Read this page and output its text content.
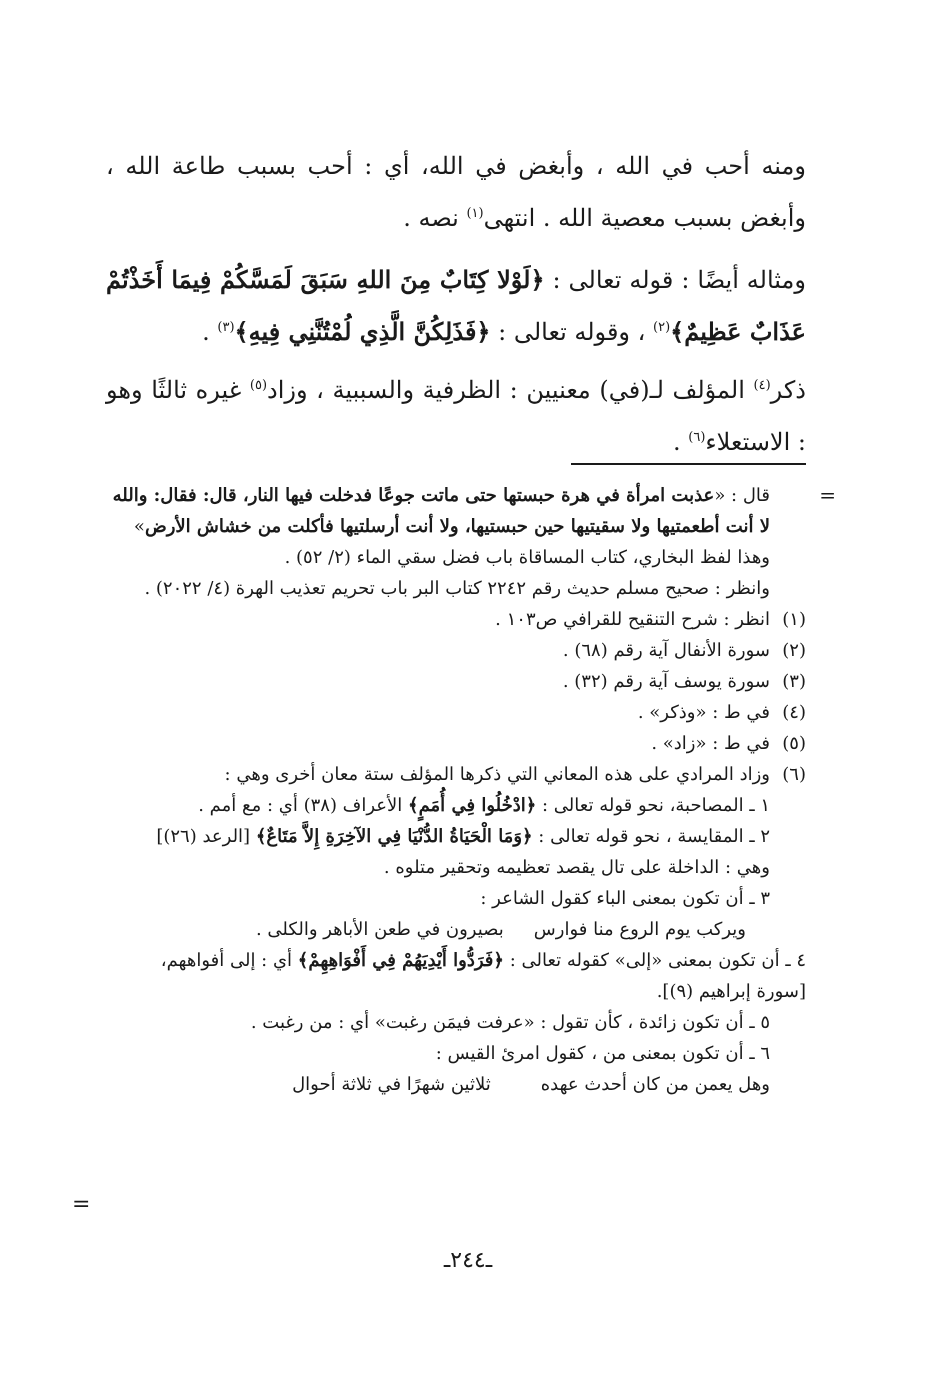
ومنه أحب في الله ، وأبغض في الله، أي : أحب بسبب طاعة الله ، وأبغض بسبب معصية الله . انتهى$^{(١)}$ نصه .

ومثاله أيضًا : قوله تعالى : ﴿لَوْلا كِتَابٌ مِنَ اللهِ سَبَقَ لَمَسَّكُمْ فِيمَا أَخَذْتُمْ عَذَابٌ عَظِيمٌ﴾$^{(٢)}$ ، وقوله تعالى : ﴿فَذَلِكُنَّ الَّذِي لُمْتُنَّنِي فِيهِ﴾$^{(٣)}$ .

ذكر$^{(٤)}$ المؤلف لـ(في) معنيين : الظرفية والسببية ، وزاد$^{(٥)}$ غيره ثالثًا وهو : الاستعلاء$^{(٦)}$ .

=
قال : «عذبت امرأة في هرة حبستها حتى ماتت جوعًا فدخلت فيها النار، قال: فقال: والله لا أنت أطعمتيها ولا سقيتيها حين حبستيها، ولا أنت أرسلتيها فأكلت من خشاش الأرض» وهذا لفظ البخاري، كتاب المساقاة باب فضل سقي الماء (٢/ ٥٢) .
وانظر : صحيح مسلم حديث رقم ٢٢٤٢ كتاب البر باب تحريم تعذيب الهرة (٤/ ٢٠٢٢) .
(١)
انظر : شرح التنقيح للقرافي ص١٠٣ .
(٢)
سورة الأنفال آية رقم (٦٨) .
(٣)
سورة يوسف آية رقم (٣٢) .
(٤)
في ط : «وذكر» .
(٥)
في ط : «زاد» .
(٦)
وزاد المرادي على هذه المعاني التي ذكرها المؤلف ستة معان أخرى وهي :
١ ـ المصاحبة، نحو قوله تعالى : ﴿ادْخُلُوا فِي أُمَمٍ﴾ الأعراف (٣٨) أي : مع أمم .
٢ ـ المقايسة ، نحو قوله تعالى : ﴿وَمَا الْحَيَاةُ الدُّنْيَا فِي الآخِرَةِ إِلاَّ مَتَاعٌ﴾ [الرعد (٢٦)]
وهي : الداخلة على تال يقصد تعظيمه وتحقير متلوه .
٣ ـ أن تكون بمعنى الباء كقول الشاعر :
ويركب يوم الروع منا فوارسبصيرون في طعن الأباهر والكلى .
٤ ـ أن تكون بمعنى «إلى» كقوله تعالى : ﴿فَرَدُّوا أَيْدِيَهُمْ فِي أَفْوَاهِهِمْ﴾ أي : إلى أفواههم، [سورة إبراهيم (٩)].
٥ ـ أن تكون زائدة ، كأن تقول : «عرفت فيمَن رغبت» أي : من رغبت .
٦ ـ أن تكون بمعنى من ، كقول امرئ القيس :
وهل يعمن من كان أحدث عهدهثلاثين شهرًا في ثلاثة أحوال
=
ـ٢٤٤ـ
